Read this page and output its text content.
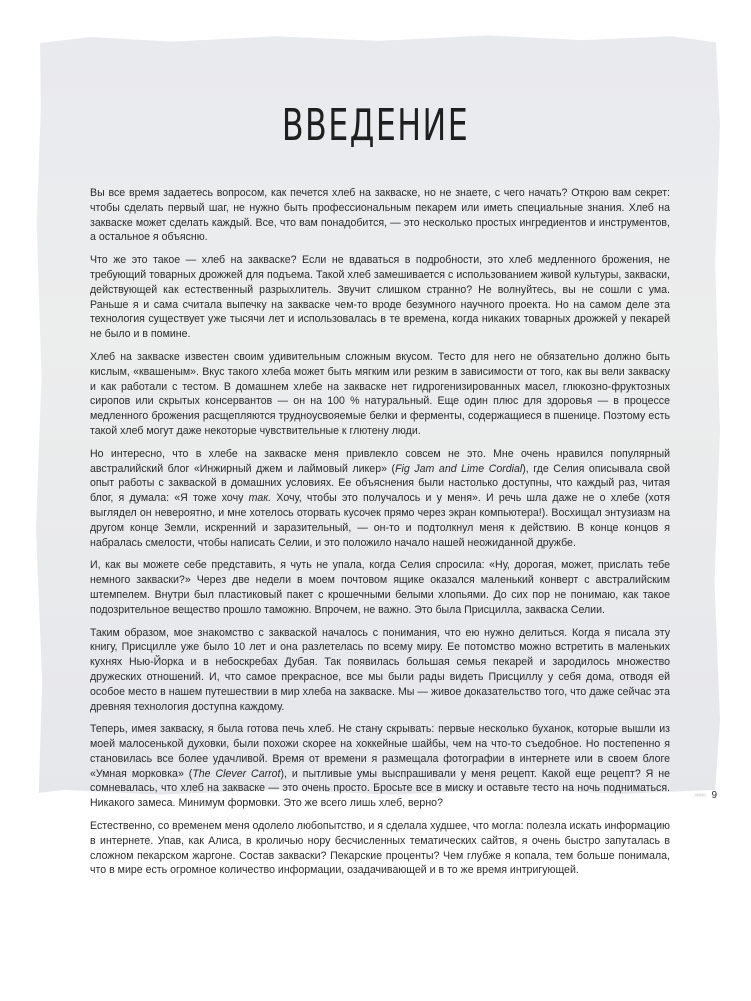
ВВЕДЕНИЕ

Вы все время задаетесь вопросом, как печется хлеб на закваске, но не знаете, с чего начать? Открою вам секрет: чтобы сделать первый шаг, не нужно быть профессиональным пекарем или иметь специальные знания. Хлеб на закваске может сделать каждый. Все, что вам понадобится, — это несколько простых ингредиентов и инструментов, а остальное я объясню.

Что же это такое — хлеб на закваске? Если не вдаваться в подробности, это хлеб медленного брожения, не требующий товарных дрожжей для подъема. Такой хлеб замешивается с использованием живой культуры, закваски, действующей как естественный разрыхлитель. Звучит слишком странно? Не волнуйтесь, вы не сошли с ума. Раньше я и сама считала выпечку на закваске чем-то вроде безумного научного проекта. Но на самом деле эта технология существует уже тысячи лет и использовалась в те времена, когда никаких товарных дрожжей у пекарей не было и в помине.

Хлеб на закваске известен своим удивительным сложным вкусом. Тесто для него не обязательно должно быть кислым, «квашеным». Вкус такого хлеба может быть мягким или резким в зависимости от того, как вы вели закваску и как работали с тестом. В домашнем хлебе на закваске нет гидрогенизированных масел, глюкозно-фруктозных сиропов или скрытых консервантов — он на 100 % натуральный. Еще один плюс для здоровья — в процессе медленного брожения расщепляются трудноусвояемые белки и ферменты, содержащиеся в пшенице. Поэтому есть такой хлеб могут даже некоторые чувствительные к глютену люди.

Но интересно, что в хлебе на закваске меня привлекло совсем не это. Мне очень нравился популярный австралийский блог «Инжирный джем и лаймовый ликер» (Fig Jam and Lime Cordial), где Селия описывала свой опыт работы с закваской в домашних условиях. Ее объяснения были настолько доступны, что каждый раз, читая блог, я думала: «Я тоже хочу так. Хочу, чтобы это получалось и у меня». И речь шла даже не о хлебе (хотя выглядел он невероятно, и мне хотелось оторвать кусочек прямо через экран компьютера!). Восхищал энтузиазм на другом конце Земли, искренний и заразительный, — он-то и подтолкнул меня к действию. В конце концов я набралась смелости, чтобы написать Селии, и это положило начало нашей неожиданной дружбе.

И, как вы можете себе представить, я чуть не упала, когда Селия спросила: «Ну, дорогая, может, прислать тебе немного закваски?» Через две недели в моем почтовом ящике оказался маленький конверт с австралийским штемпелем. Внутри был пластиковый пакет с крошечными белыми хлопьями. До сих пор не понимаю, как такое подозрительное вещество прошло таможню. Впрочем, не важно. Это была Присцилла, закваска Селии.

Таким образом, мое знакомство с закваской началось с понимания, что ею нужно делиться. Когда я писала эту книгу, Присцилле уже было 10 лет и она разлетелась по всему миру. Ее потомство можно встретить в маленьких кухнях Нью-Йорка и в небоскребах Дубая. Так появилась большая семья пекарей и зародилось множество дружеских отношений. И, что самое прекрасное, все мы были рады видеть Присциллу у себя дома, отводя ей особое место в нашем путешествии в мир хлеба на закваске. Мы — живое доказательство того, что даже сейчас эта древняя технология доступна каждому.

Теперь, имея закваску, я была готова печь хлеб. Не стану скрывать: первые несколько буханок, которые вышли из моей малосенькой духовки, были похожи скорее на хоккейные шайбы, чем на что-то съедобное. Но постепенно я становилась все более удачливой. Время от времени я размещала фотографии в интернете или в своем блоге «Умная морковка» (The Clever Carrot), и пытливые умы выспрашивали у меня рецепт. Какой еще рецепт? Я не сомневалась, что хлеб на закваске — это очень просто. Бросьте все в миску и оставьте тесто на ночь подниматься. Никакого замеса. Минимум формовки. Это же всего лишь хлеб, верно?

Естественно, со временем меня одолело любопытство, и я сделала худшее, что могла: полезла искать информацию в интернете. Упав, как Алиса, в кроличью нору бесчисленных тематических сайтов, я очень быстро запуталась в сложном пекарском жаргоне. Состав закваски? Пекарские проценты? Чем глубже я копала, тем больше понимала, что в мире есть огромное количество информации, озадачивающей и в то же время интригующей.

»»»» 9
